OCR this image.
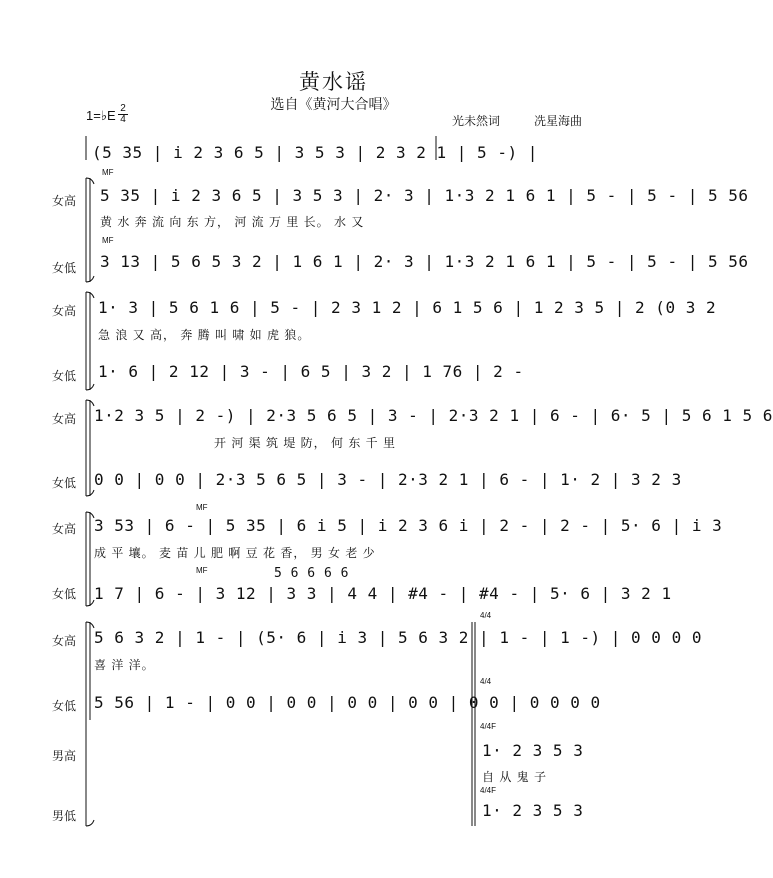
黄水谣
选自《黄河大合唱》
1=♭E 2
4	光未然词	冼星海曲
(5 35 | i 2 3 6 5 | 3 5 3 | 2 3 2 1 | 5 -) |
女高
MF
5 35 | i 2 3 6 5 | 3 5 3 | 2· 3 | 1·3 2 1 6 1 | 5 - | 5 - | 5 56
黄 水 奔 流 向 东 方， 河 流 万 里 长。 水 又
女低
MF
3 13 | 5 6 5 3 2 | 1 6 1 | 2· 3 | 1·3 2 1 6 1 | 5 - | 5 - | 5 56
女高 1· 3 | 5 6 1 6 | 5 - | 2 3 1 2 | 6 1 5 6 | 1 2 3 5 | 2 (0 3 2
急 浪 又 高， 奔 腾 叫 啸 如 虎 狼。
女低 1· 6 | 2 12 | 3 - | 6 5 | 3 2 | 1 76 | 2 -
女高 1·2 3 5 | 2 -) | 2·3 5 6 5 | 3 - | 2·3 2 1 | 6 - | 6· 5 | 5 6 1 5 6
开 河 渠 筑 堤 防， 何 东 千 里
女低 0 0 | 0 0 | 2·3 5 6 5 | 3 - | 2·3 2 1 | 6 - | 1· 2 | 3 2 3
女高
MF
3 53 | 6 - | 5 35 | 6 i 5 | i 2 3 6 i | 2 - | 2 - | 5· 6 | i 3
成 平 壤。 麦 苗 儿 肥 啊 豆 花 香， 男 女 老 少
女低
MF	5 6 6 6 6
1 7 | 6 - | 3 12 | 3 3 | 4 4 | #4 - | #4 - | 5· 6 | 3 2 1
女高 5 6 3 2 | 1 - | (5· 6 | i 3 | 5 6 3 2 | 1 - | 1 -) | 0 0 0 0
喜 洋 洋。
4/4
女低
4/4
5 56 | 1 - | 0 0 | 0 0 | 0 0 | 0 0 | 0 0 | 0 0 0 0
男高
4/4F
1· 2 3 5 3
自 从 鬼 子
男低
4/4F
1· 2 3 5 3
